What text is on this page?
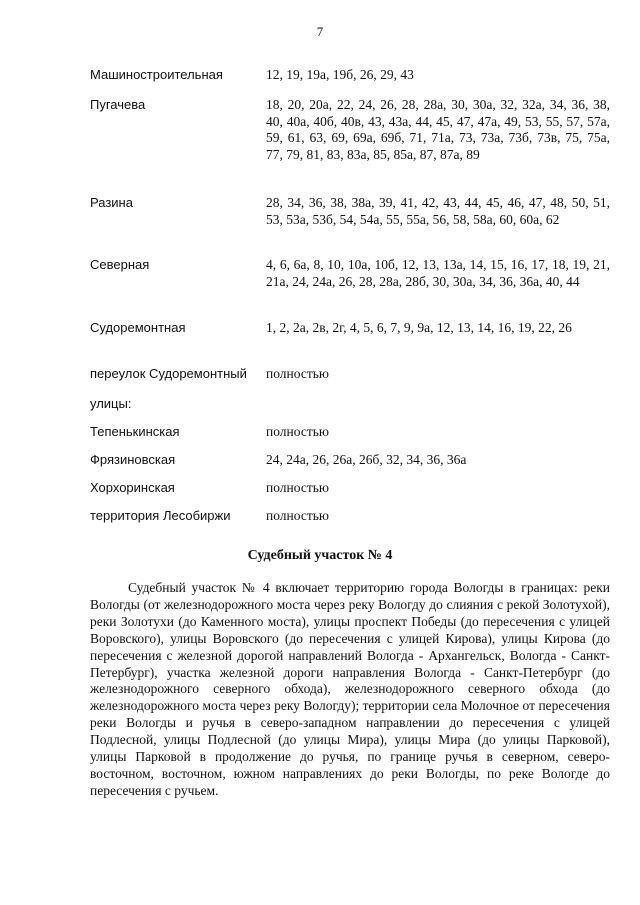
7
Машиностроительная	12, 19, 19а, 19б, 26, 29, 43
Пугачева	18, 20, 20а, 22, 24, 26, 28, 28а, 30, 30а, 32, 32а, 34, 36, 38, 40, 40а, 40б, 40в, 43, 43а, 44, 45, 47, 47а, 49, 53, 55, 57, 57а, 59, 61, 63, 69, 69а, 69б, 71, 71а, 73, 73а, 73б, 73в, 75, 75а, 77, 79, 81, 83, 83а, 85, 85а, 87, 87а, 89
Разина	28, 34, 36, 38, 38а, 39, 41, 42, 43, 44, 45, 46, 47, 48, 50, 51, 53, 53а, 53б, 54, 54а, 55, 55а, 56, 58, 58а, 60, 60а, 62
Северная	4, 6, 6а, 8, 10, 10а, 10б, 12, 13, 13а, 14, 15, 16, 17, 18, 19, 21, 21а, 24, 24а, 26, 28, 28а, 28б, 30, 30а, 34, 36, 36а, 40, 44
Судоремонтная	1, 2, 2а, 2в, 2г, 4, 5, 6, 7, 9, 9а, 12, 13, 14, 16, 19, 22, 26
переулок Судоремонтный	полностью
улицы:
Тепенькинская	полностью
Фрязиновская	24, 24а, 26, 26а, 26б, 32, 34, 36, 36а
Хорхоринская	полностью
территория Лесобиржи	полностью
Судебный участок № 4
Судебный участок № 4 включает территорию города Вологды в границах: реки Вологды (от железнодорожного моста через реку Вологду до слияния с рекой Золотухой), реки Золотухи (до Каменного моста), улицы проспект Победы (до пересечения с улицей Воровского), улицы Воровского (до пересечения с улицей Кирова), улицы Кирова (до пересечения с железной дорогой направлений Вологда - Архангельск, Вологда - Санкт-Петербург), участка железной дороги направления Вологда - Санкт-Петербург (до железнодорожного северного обхода), железнодорожного северного обхода (до железнодорожного моста через реку Вологду); территории села Молочное от пересечения реки Вологды и ручья в северо-западном направлении до пересечения с улицей Подлесной, улицы Подлесной (до улицы Мира), улицы Мира (до улицы Парковой), улицы Парковой в продолжение до ручья, по границе ручья в северном, северо-восточном, восточном, южном направлениях до реки Вологды, по реке Вологде до пересечения с ручьем.
